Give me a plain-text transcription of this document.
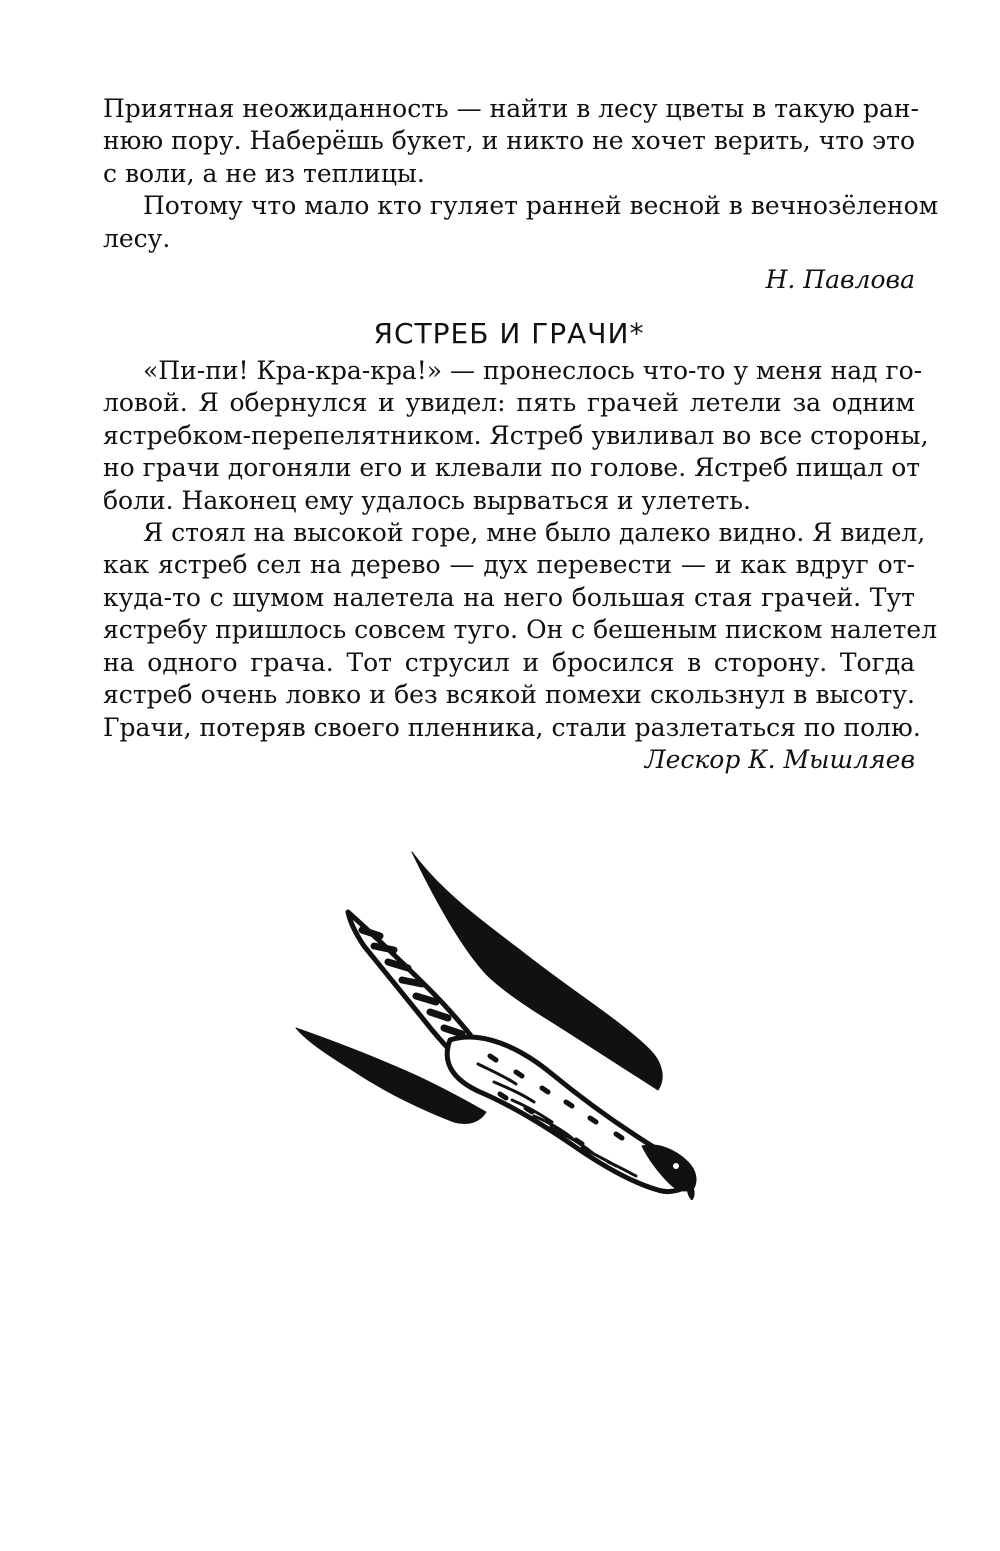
Приятная неожиданность — найти в лесу цветы в такую ран-
нюю пору. Наберёшь букет, и никто не хочет верить, что это
с воли, а не из теплицы.

Потому что мало кто гуляет ранней весной в вечнозёленом
лесу.

Н. Павлова

ЯСТРЕБ И ГРАЧИ*

«Пи-пи! Кра-кра-кра!» — пронеслось что-то у меня над го-
ловой. Я обернулся и увидел: пять грачей летели за одним
ястребком-перепелятником. Ястреб увиливал во все стороны,
но грачи догоняли его и клевали по голове. Ястреб пищал от
боли. Наконец ему удалось вырваться и улететь.

Я стоял на высокой горе, мне было далеко видно. Я видел,
как ястреб сел на дерево — дух перевести — и как вдруг от-
куда-то с шумом налетела на него большая стая грачей. Тут
ястребу пришлось совсем туго. Он с бешеным писком налетел
на одного грача. Тот струсил и бросился в сторону. Тогда
ястреб очень ловко и без всякой помехи скользнул в высоту.
Грачи, потеряв своего пленника, стали разлетаться по полю.

Лескор К. Мышляев
